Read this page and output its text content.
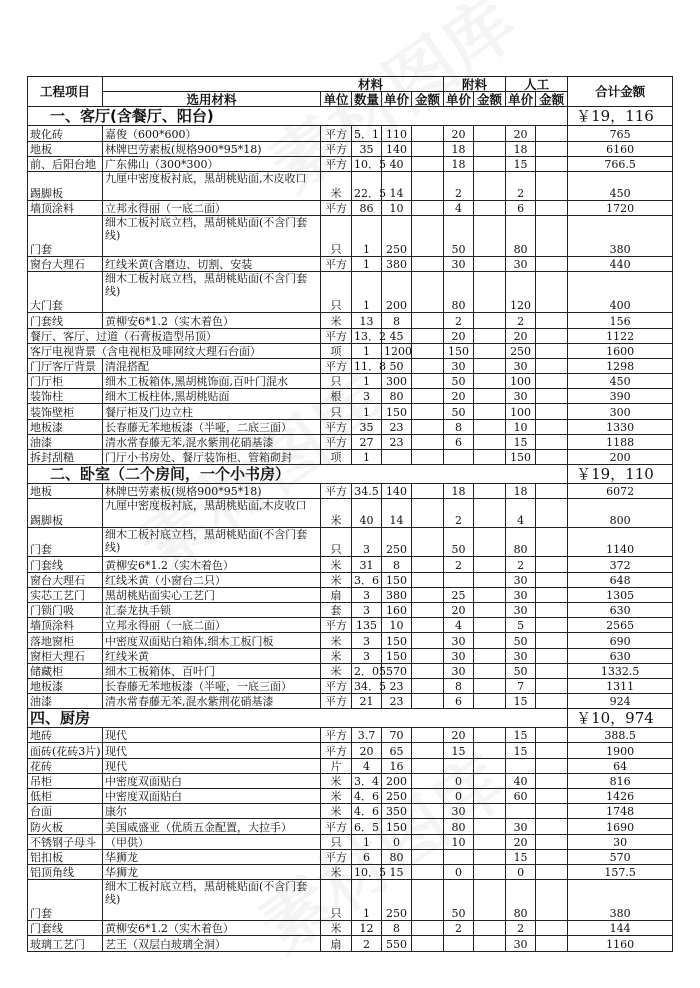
工程项目	材料					附料		人工		合计金额
	选用材料	单位	数量	单价	金额	单价	金额	单价	金额	
一、客厅(含餐厅、阳台)										￥19，116
玻化砖	嘉俊（600*600）	平方	5．1	110		20		20		765
地板	林牌巴劳素板(规格900*95*18)	平方	35	140		18		18		6160
前、后阳台地	广东佛山（300*300）	平方	10．5	40		18		15		766.5
踢脚板	九厘中密度板衬底，黑胡桃贴面,木皮收口	米	22．5	14		2		2		450
墙顶涂料	立邦永得丽（一底二面）	平方	86	10		4		6		1720
门套	细木工板衬底立档，黑胡桃贴面(不含门套线)	只	1	250		50		80		380
窗台大理石	红线米黄(含磨边、切割、安装	平方	1	380		30		30		440
大门套	细木工板衬底立档，黑胡桃贴面(不含门套线)	只	1	200		80		120		400
门套线	黄柳安6*1.2（实木着色）	米	13	8		2		2		156
餐厅、客厅、过道（石膏板造型吊顶）		平方	13．2	45		20		20		1122
客厅电视背景（含电视柜及啡网纹大理石台面）		项	1	1200		150		250		1600
门厅客厅背景	清混搭配	平方	11．8	50		30		30		1298
门厅柜	细木工板箱体,黑胡桃饰面,百叶门混水	只	1	300		50		100		450
装饰柱	细木工板柱体,黑胡桃贴面	根	3	80		20		30		390
装饰壁柜	餐厅柜及门边立柱	只	1	150		50		100		300
地板漆	长春藤无苯地板漆（半哑，二底三面）	平方	35	23		8		10		1330
油漆	清水常春藤无苯,混水紫荆花硝基漆	平方	27	23		6		15		1188
拆封刮糙	门厅小书房处、餐厅装饰柜、管箱砌封	项	1					150		200
二、卧室（二个房间，一个小书房）										￥19，110
地板	林牌巴劳素板(规格900*95*18)	平方	34.5	140		18		18		6072
踢脚板	九厘中密度板衬底，黑胡桃贴面,木皮收口	米	40	14		2		4		800
门套	细木工板衬底立档，黑胡桃贴面(不含门套线)	只	3	250		50		80		1140
门套线	黄柳安6*1.2（实木着色）	米	31	8		2		2		372
窗台大理石	红线米黄（小窗台二只）	米	3．6	150				30		648
实芯工艺门	黑胡桃贴面实心工艺门	扇	3	380		25		30		1305
门锁门吸	汇泰龙执手锁	套	3	160		20		30		630
墙顶涂料	立邦永得丽（一底二面）	平方	135	10		4		5		2565
落地窗柜	中密度双面贴白箱体,细木工板门板	米	3	150		30		50		690
窗柜大理石	红线米黄	米	3	150		30		30		630
储藏柜	细木工板箱体、百叶门	米	2．05	570		30		50		1332.5
地板漆	长春藤无苯地板漆（半哑，一底三面）	平方	34．5	23		8		7		1311
油漆	清水常春藤无苯,混水紫荆花硝基漆	平方	21	23		6		15		924
四、厨房										￥10，974
地砖	现代	平方	3.7	70		20		15		388.5
面砖(花砖3片)	现代	平方	20	65		15		15		1900
花砖	现代	片	4	16						64
吊柜	中密度双面贴白	米	3．4	200		0		40		816
低柜	中密度双面贴白	米	4．6	250		0		60		1426
台面	康尔	米	4．6	350		30				1748
防火板	美国威盛亚（优质五金配置，大拉手）	平方	6．5	150		80		30		1690
不锈钢子母斗	（甲供）	只	1	0		10		20		30
铝扣板	华狮龙	平方	6	80				15		570
铝顶角线	华狮龙	米	10．5	15		0		0		157.5
门套	细木工板衬底立档，黑胡桃贴面(不含门套线)	只	1	250		50		80		380
门套线	黄柳安6*1.2（实木着色）	米	12	8		2		2		144
玻璃工艺门	艺王（双层白玻璃全洞）	扇	2	550				30		1160
